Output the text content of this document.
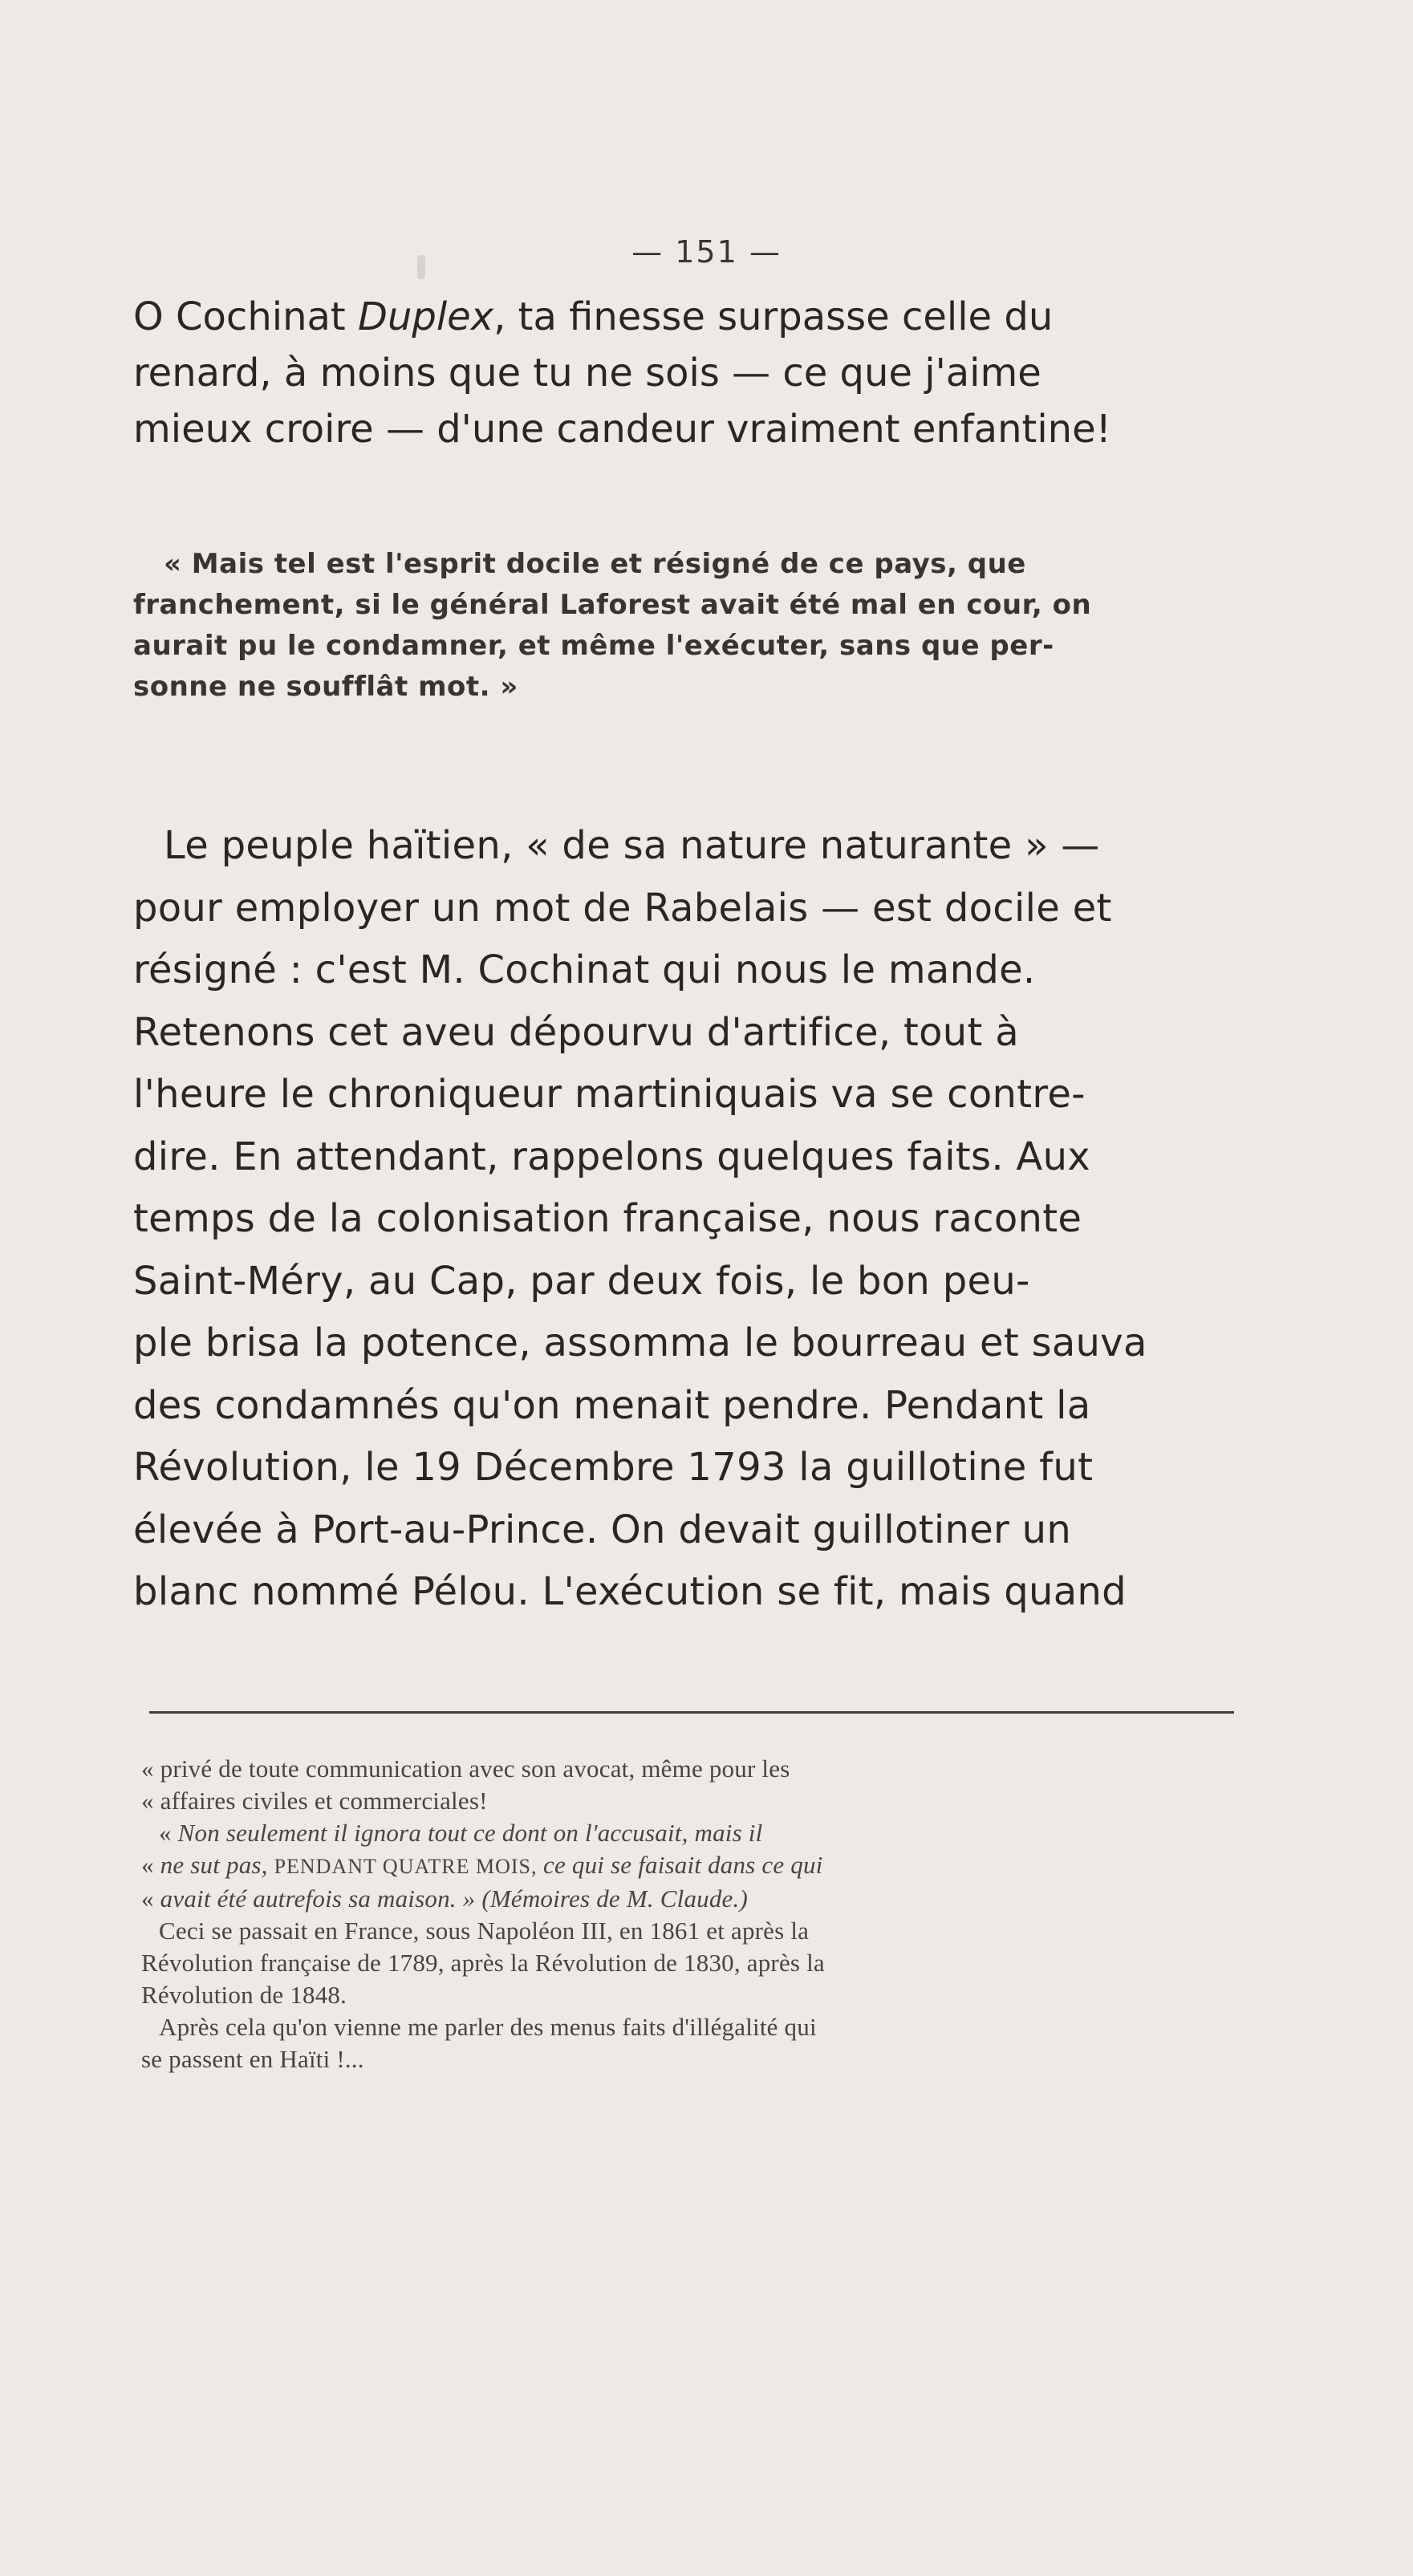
— 151 —
O Cochinat Duplex, ta finesse surpasse celle du
renard, à moins que tu ne sois — ce que j'aime
mieux croire — d'une candeur vraiment enfantine!
« Mais tel est l'esprit docile et résigné de ce pays, que
franchement, si le général Laforest avait été mal en cour, on
aurait pu le condamner, et même l'exécuter, sans que per-
sonne ne soufflât mot. »
Le peuple haïtien, « de sa nature naturante » —
pour employer un mot de Rabelais — est docile et
résigné : c'est M. Cochinat qui nous le mande.
Retenons cet aveu dépourvu d'artifice, tout à
l'heure le chroniqueur martiniquais va se contre-
dire. En attendant, rappelons quelques faits. Aux
temps de la colonisation française, nous raconte
Saint-Méry, au Cap, par deux fois, le bon peu-
ple brisa la potence, assomma le bourreau et sauva
des condamnés qu'on menait pendre. Pendant la
Révolution, le 19 Décembre 1793 la guillotine fut
élevée à Port-au-Prince. On devait guillotiner un
blanc nommé Pélou. L'exécution se fit, mais quand
« privé de toute communication avec son avocat, même pour les
« affaires civiles et commerciales!
« Non seulement il ignora tout ce dont on l'accusait, mais il
« ne sut pas, PENDANT QUATRE MOIS, ce qui se faisait dans ce qui
« avait été autrefois sa maison. » (Mémoires de M. Claude.)
Ceci se passait en France, sous Napoléon III, en 1861 et après la
Révolution française de 1789, après la Révolution de 1830, après la
Révolution de 1848.
Après cela qu'on vienne me parler des menus faits d'illégalité qui
se passent en Haïti !...
